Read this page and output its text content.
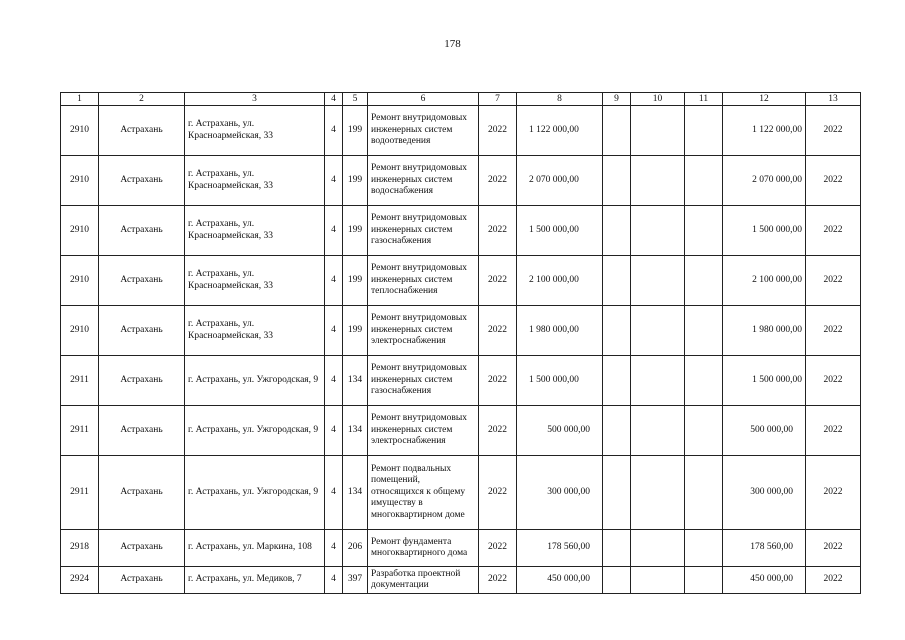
178
1	2	3	4	5	6	7	8	9	10	11	12	13
2910	Астрахань	г. Астрахань, ул. Красноармейская, 33	4	199	Ремонт внутридомовых инженерных систем водоотведения	2022	1 122 000,00				1 122 000,00	2022
2910	Астрахань	г. Астрахань, ул. Красноармейская, 33	4	199	Ремонт внутридомовых инженерных систем водоснабжения	2022	2 070 000,00				2 070 000,00	2022
2910	Астрахань	г. Астрахань, ул. Красноармейская, 33	4	199	Ремонт внутридомовых инженерных систем газоснабжения	2022	1 500 000,00				1 500 000,00	2022
2910	Астрахань	г. Астрахань, ул. Красноармейская, 33	4	199	Ремонт внутридомовых инженерных систем теплоснабжения	2022	2 100 000,00				2 100 000,00	2022
2910	Астрахань	г. Астрахань, ул. Красноармейская, 33	4	199	Ремонт внутридомовых инженерных систем электроснабжения	2022	1 980 000,00				1 980 000,00	2022
2911	Астрахань	г. Астрахань, ул. Ужгородская, 9	4	134	Ремонт внутридомовых инженерных систем газоснабжения	2022	1 500 000,00				1 500 000,00	2022
2911	Астрахань	г. Астрахань, ул. Ужгородская, 9	4	134	Ремонт внутридомовых инженерных систем электроснабжения	2022	500 000,00				500 000,00	2022
2911	Астрахань	г. Астрахань, ул. Ужгородская, 9	4	134	Ремонт подвальных помещений, относящихся к общему имуществу в многоквартирном доме	2022	300 000,00				300 000,00	2022
2918	Астрахань	г. Астрахань, ул. Маркина, 108	4	206	Ремонт фундамента многоквартирного дома	2022	178 560,00				178 560,00	2022
2924	Астрахань	г. Астрахань, ул. Медиков, 7	4	397	Разработка проектной документации	2022	450 000,00				450 000,00	2022
